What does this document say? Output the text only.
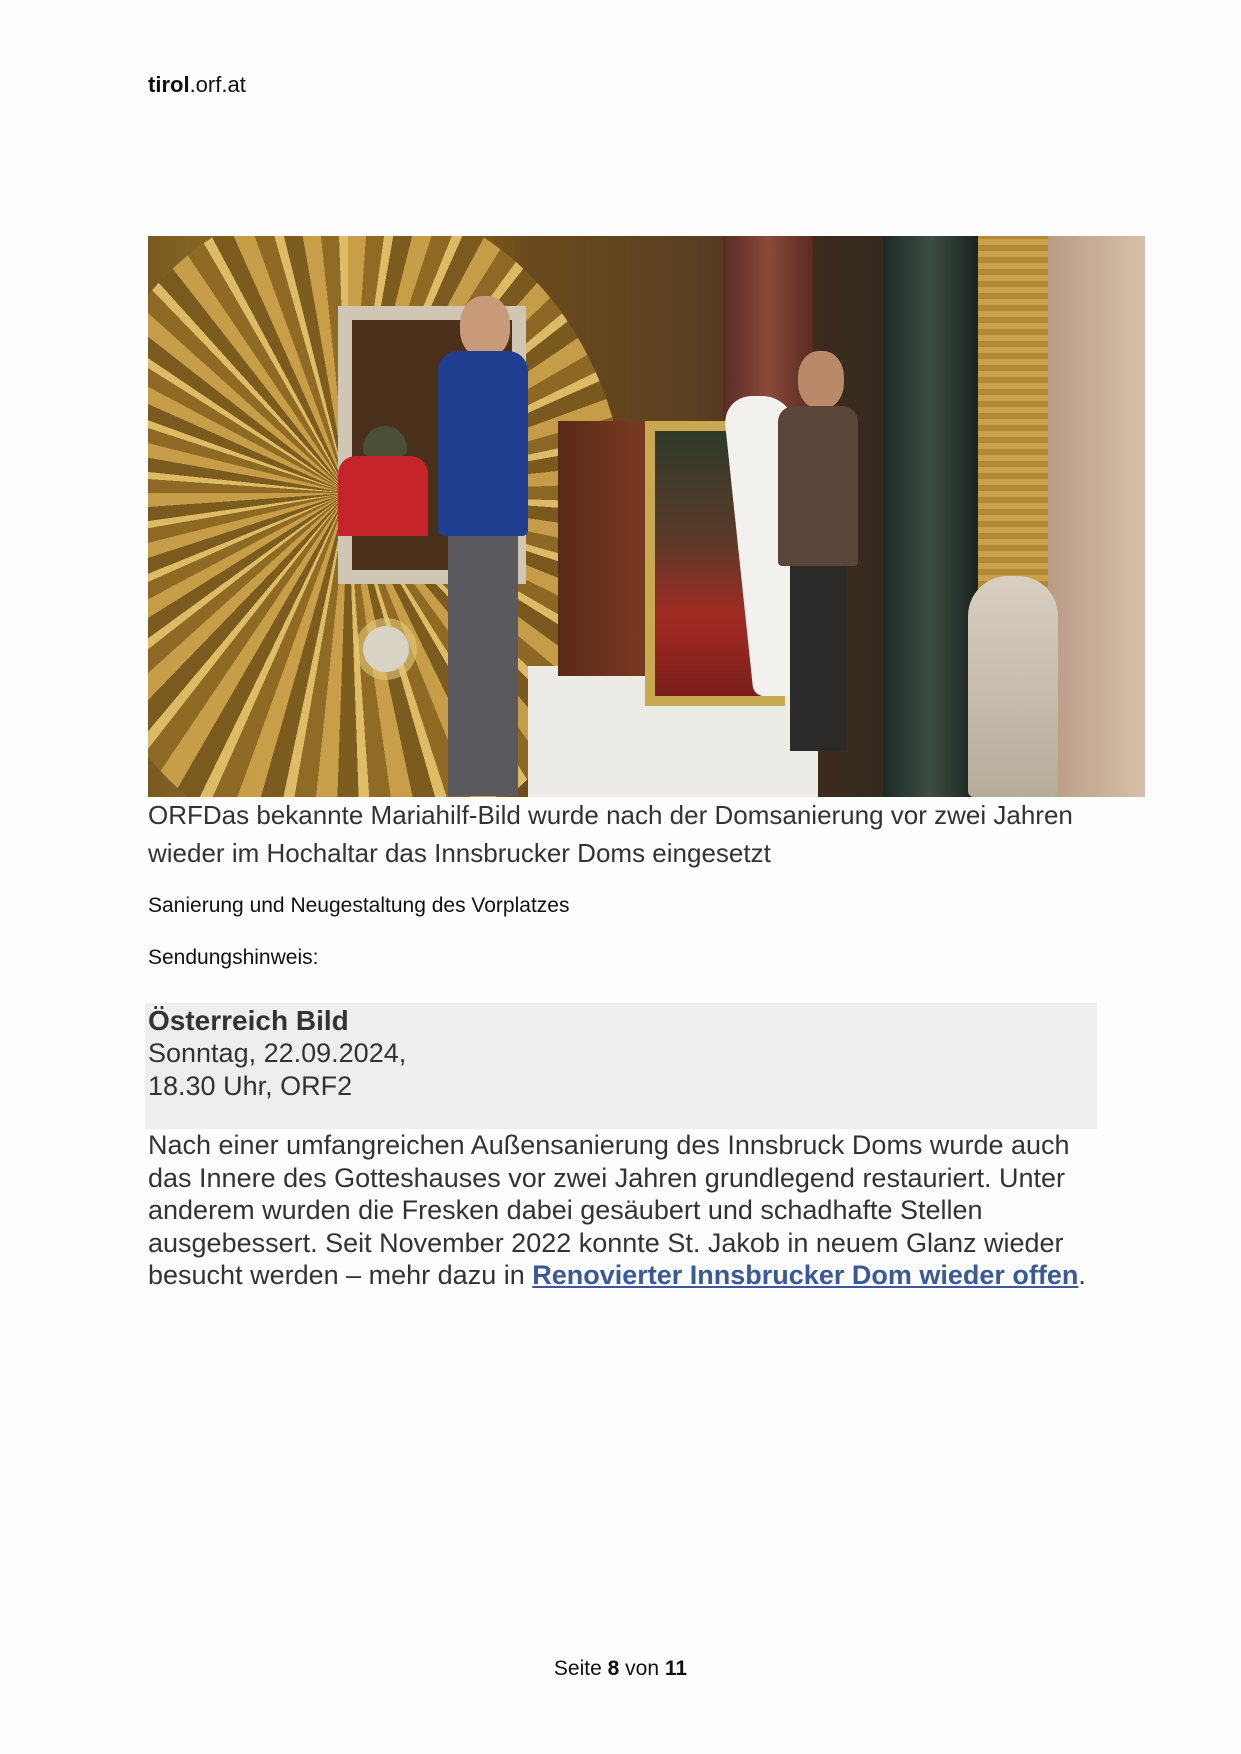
tirol.orf.at
ORFDas bekannte Mariahilf-Bild wurde nach der Domsanierung vor zwei Jahren wieder im Hochaltar das Innsbrucker Doms eingesetzt
Sanierung und Neugestaltung des Vorplatzes
Sendungshinweis:
Österreich Bild
Sonntag, 22.09.2024,
18.30 Uhr, ORF2
Nach einer umfangreichen Außensanierung des Innsbruck Doms wurde auch das Innere des Gotteshauses vor zwei Jahren grundlegend restauriert. Unter anderem wurden die Fresken dabei gesäubert und schadhafte Stellen ausgebessert. Seit November 2022 konnte St. Jakob in neuem Glanz wieder besucht werden – mehr dazu in Renovierter Innsbrucker Dom wieder offen.
Seite 8 von 11
